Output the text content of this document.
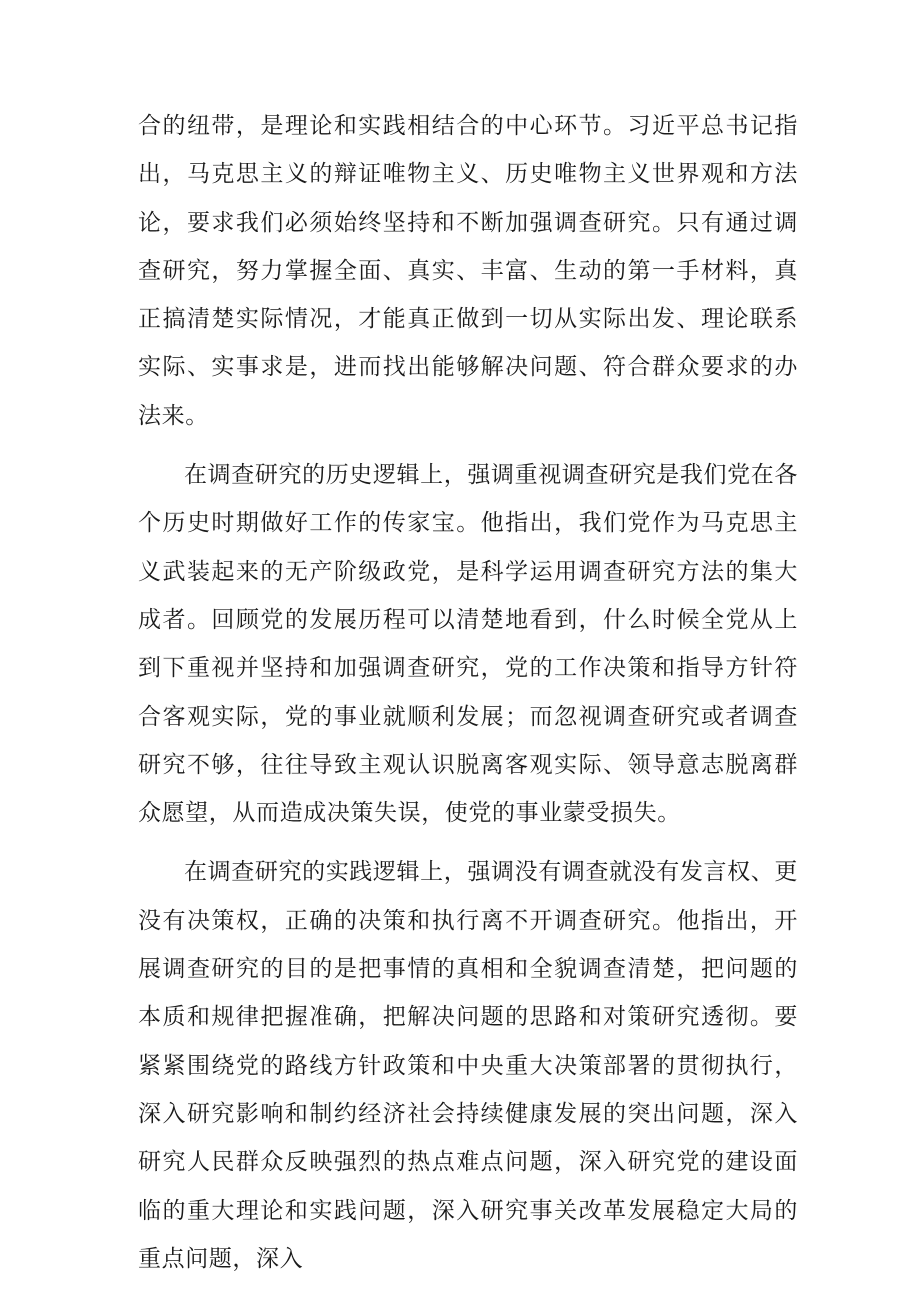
合的纽带，是理论和实践相结合的中心环节。习近平总书记指出，马克思主义的辩证唯物主义、历史唯物主义世界观和方法论，要求我们必须始终坚持和不断加强调查研究。只有通过调查研究，努力掌握全面、真实、丰富、生动的第一手材料，真正搞清楚实际情况，才能真正做到一切从实际出发、理论联系实际、实事求是，进而找出能够解决问题、符合群众要求的办法来。

在调查研究的历史逻辑上，强调重视调查研究是我们党在各个历史时期做好工作的传家宝。他指出，我们党作为马克思主义武装起来的无产阶级政党，是科学运用调查研究方法的集大成者。回顾党的发展历程可以清楚地看到，什么时候全党从上到下重视并坚持和加强调查研究，党的工作决策和指导方针符合客观实际，党的事业就顺利发展；而忽视调查研究或者调查研究不够，往往导致主观认识脱离客观实际、领导意志脱离群众愿望，从而造成决策失误，使党的事业蒙受损失。

在调查研究的实践逻辑上，强调没有调查就没有发言权、更没有决策权，正确的决策和执行离不开调查研究。他指出，开展调查研究的目的是把事情的真相和全貌调查清楚，把问题的本质和规律把握准确，把解决问题的思路和对策研究透彻。要紧紧围绕党的路线方针政策和中央重大决策部署的贯彻执行，深入研究影响和制约经济社会持续健康发展的突出问题，深入研究人民群众反映强烈的热点难点问题，深入研究党的建设面临的重大理论和实践问题，深入研究事关改革发展稳定大局的重点问题，深入
